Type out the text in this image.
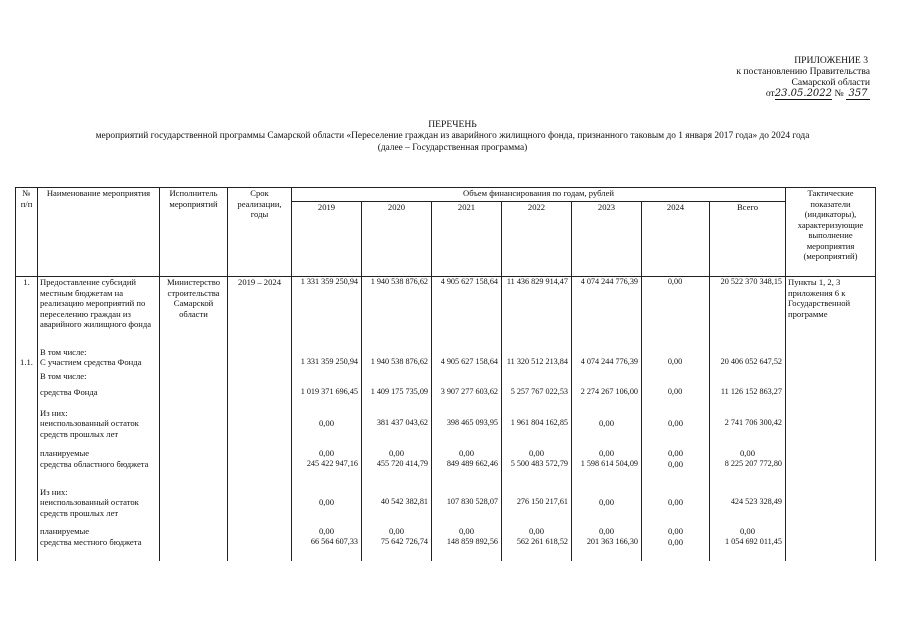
ПРИЛОЖЕНИЕ 3
к постановлению Правительства
Самарской области
от23.05.2022 № 357
ПЕРЕЧЕНЬ
мероприятий государственной программы Самарской области «Переселение граждан из аварийного жилищного фонда, признанного таковым до 1 января 2017 года» до 2024 года
(далее – Государственная программа)
№ п/п	Наименование мероприятия	Исполнитель мероприятий	Срок реализации, годы	Объем финансирования по годам, рублей							Тактические показатели (индикаторы), характеризующие выполнение мероприятия (мероприятий)
				2019	2020	2021	2022	2023	2024	Всего	
1.	Предоставление субсидий местным бюджетам на реализацию мероприятий по переселению граждан из аварийного жилищного фонда	Министерство строительства Самарской области	2019 – 2024	1 331 359 250,94	1 940 538 876,62	4 905 627 158,64	11 436 829 914,47	4 074 244 776,39	0,00	20 522 370 348,15	Пункты 1, 2, 3 приложения 6 к Государственной программе
	В том числе:										
1.1.	С участием средства Фонда			1 331 359 250,94	1 940 538 876,62	4 905 627 158,64	11 320 512 213,84	4 074 244 776,39	0,00	20 406 052 647,52	
	В том числе:										
	средства Фонда			1 019 371 696,45	1 409 175 735,09	3 907 277 603,62	5 257 767 022,53	2 274 267 106,00	0,00	11 126 152 863,27	
	Из них:										
	неиспользованный остаток средств прошлых лет			0,00	381 437 043,62	398 465 093,95	1 961 804 162,85	0,00	0,00	2 741 706 300,42	
	планируемые			0,00	0,00	0,00	0,00	0,00	0,00	0,00	
	средства областного бюджета			245 422 947,16	455 720 414,79	849 489 662,46	5 500 483 572,79	1 598 614 504,09	0,00	8 225 207 772,80	
	Из них:										
	неиспользованный остаток средств прошлых лет			0,00	40 542 382,81	107 830 528,07	276 150 217,61	0,00	0,00	424 523 328,49	
	планируемые			0,00	0,00	0,00	0,00	0,00	0,00	0,00	
	средства местного бюджета			66 564 607,33	75 642 726,74	148 859 892,56	562 261 618,52	201 363 166,30	0,00	1 054 692 011,45	
